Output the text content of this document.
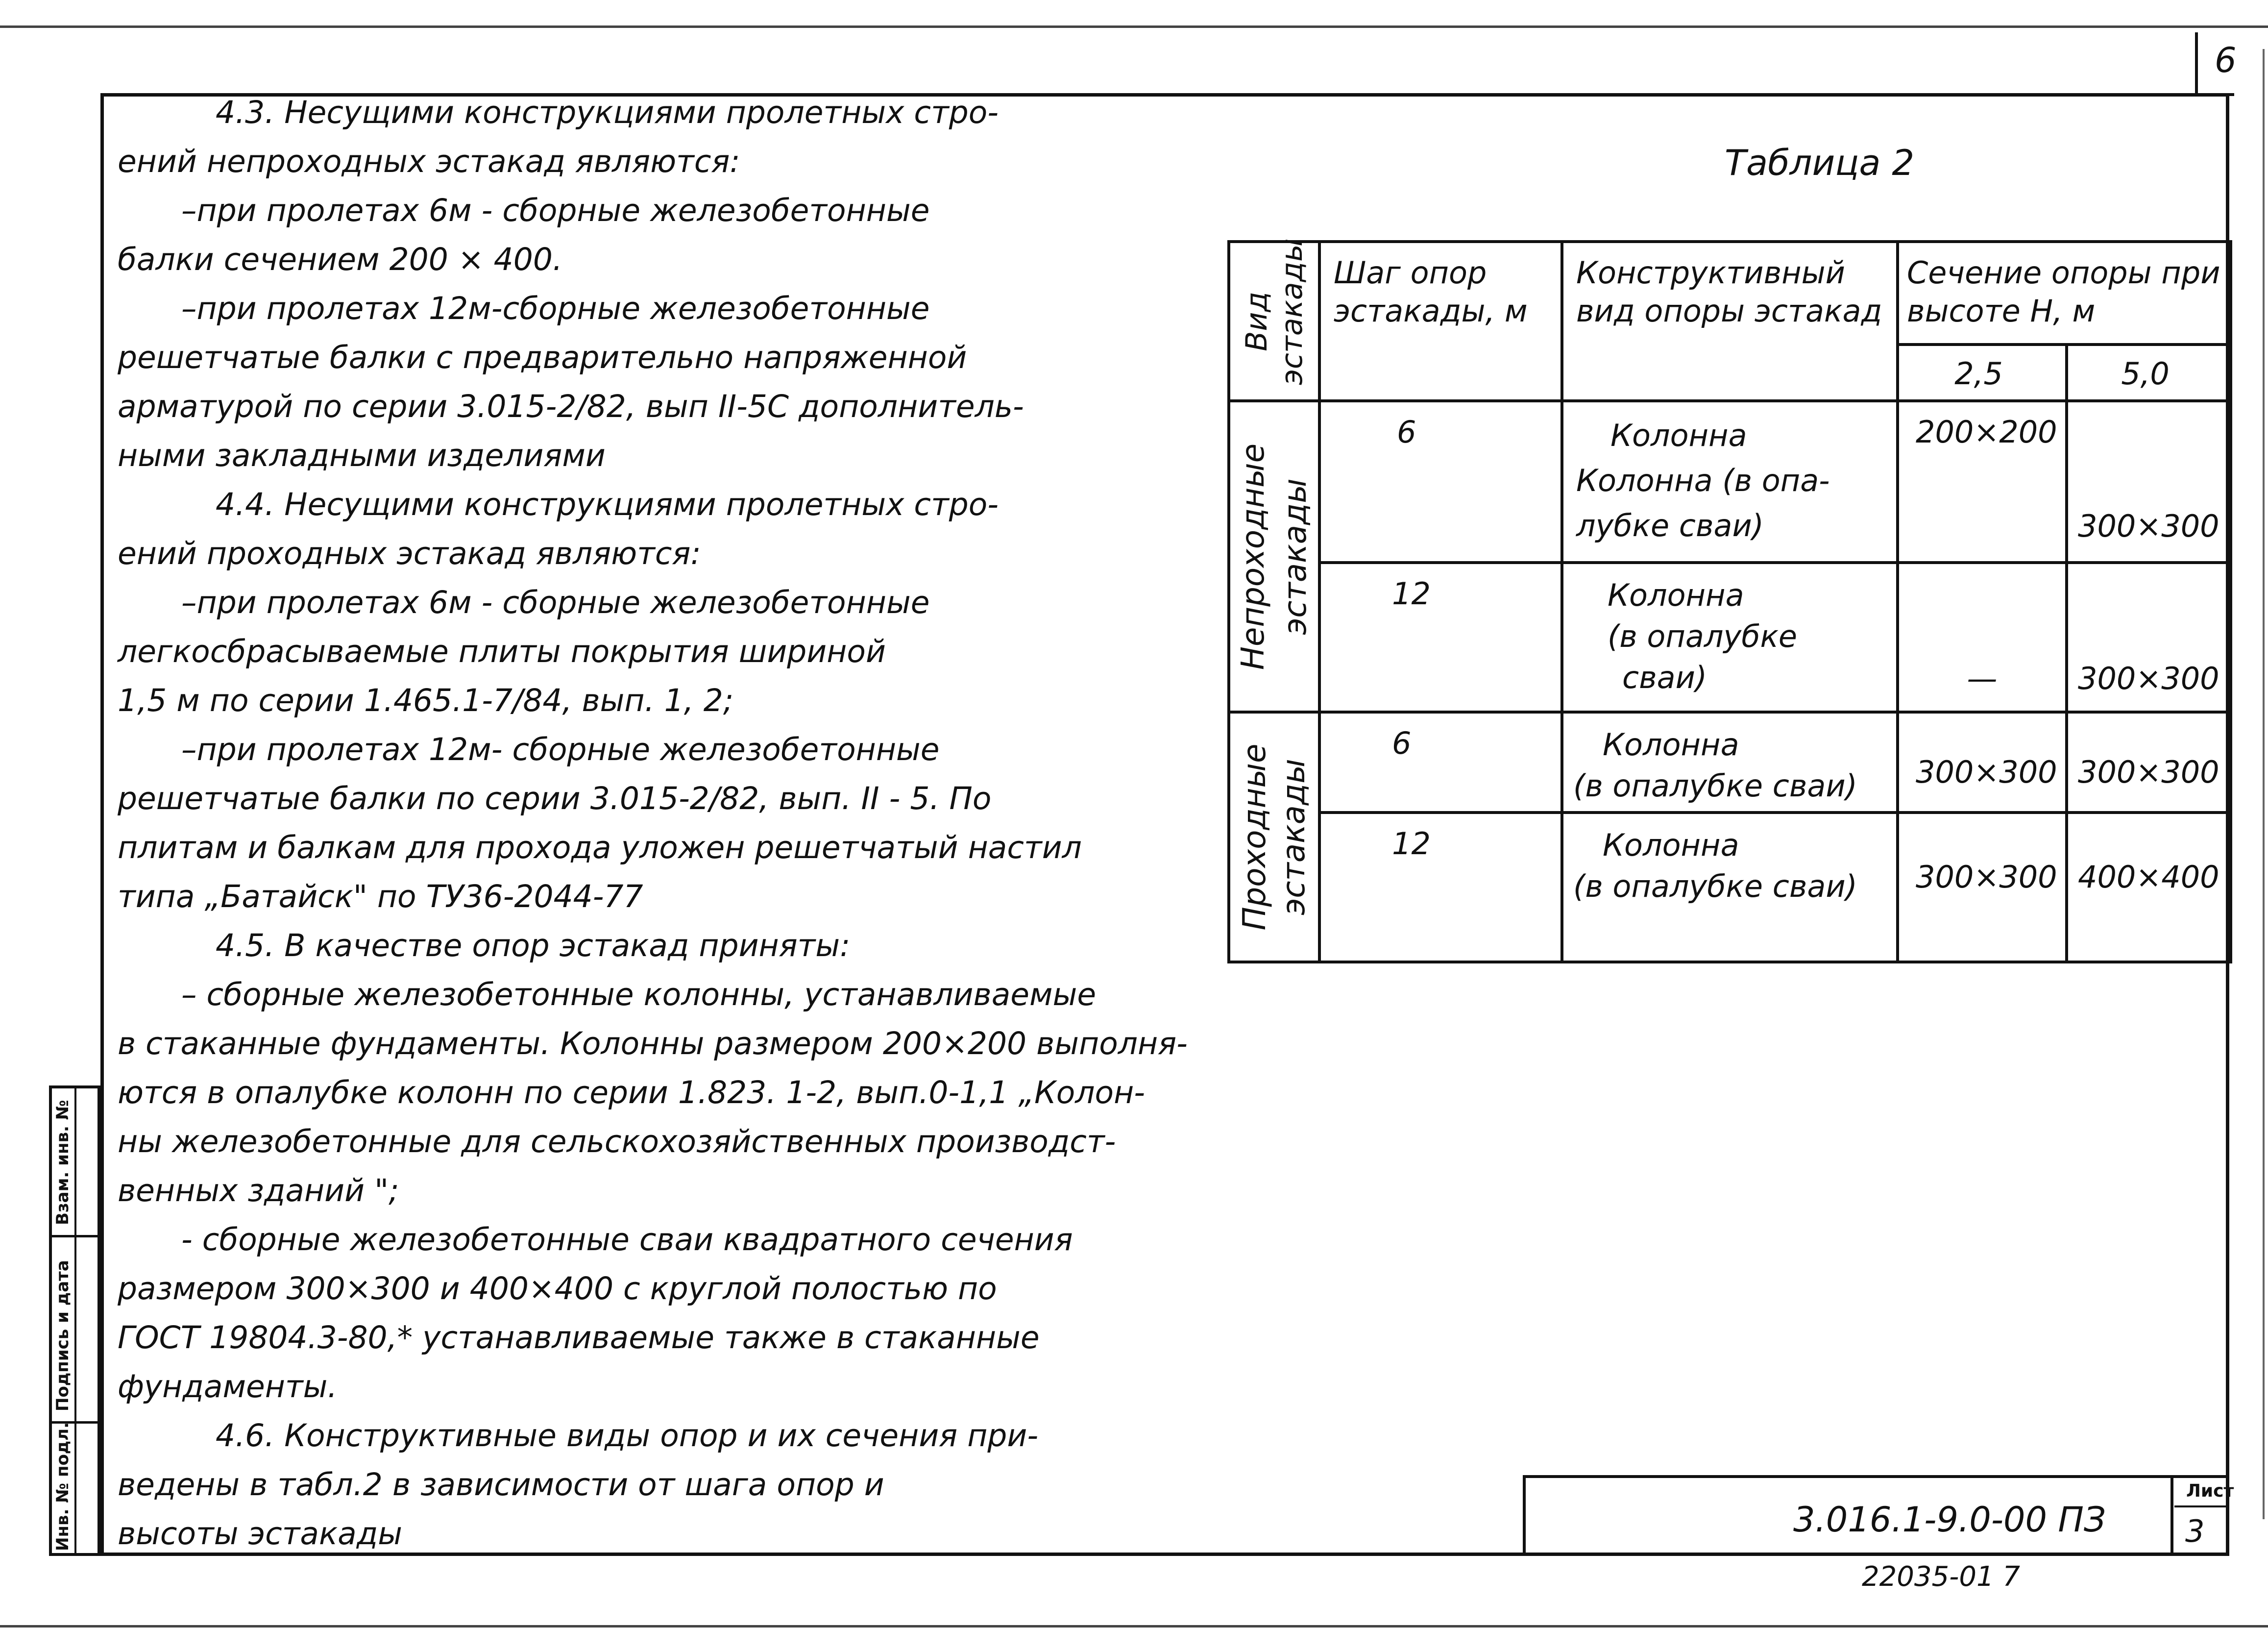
6

4.3. Несущими конструкциями пролетных стро-

ений непроходных эстакад являются:

–при пролетах 6м - сборные железобетонные

балки сечением 200 × 400.

–при пролетах 12м-сборные железобетонные

решетчатые балки с предварительно напряженной

арматурой по серии 3.015-2/82, вып II-5С дополнитель-

ными закладными изделиями

4.4. Несущими конструкциями пролетных стро-

ений проходных эстакад являются:

–при пролетах 6м - сборные железобетонные

легкосбрасываемые плиты покрытия шириной

1,5 м по серии 1.465.1-7/84, вып. 1, 2;

–при пролетах 12м- сборные железобетонные

решетчатые балки по серии 3.015-2/82, вып. II - 5. По

плитам и балкам для прохода уложен решетчатый настил

типа „Батайск" по ТУ36-2044-77

4.5. В качестве опор эстакад приняты:

– сборные железобетонные колонны, устанавливаемые

в стаканные фундаменты. Колонны размером 200×200 выполня-

ются в опалубке колонн по серии 1.823. 1-2, вып.0-1,1 „Колон-

ны железобетонные для сельскохозяйственных производст-

венных зданий ";

- сборные железобетонные сваи квадратного сечения

размером 300×300 и 400×400 с круглой полостью по

ГОСТ 19804.3-80,* устанавливаемые также в стаканные

фундаменты.

4.6. Конструктивные виды опор и их сечения при-

ведены в табл.2 в зависимости от шага опор и

высоты эстакады

Таблица 2
Вид эстакады	Шаг опор эстакады, м	Конструктивный вид опоры эстакад	Сечение опоры при высоте Н, м	

			2,5	5,0

Непроходные эстакады	6	Колонна
Колонна (в опа-
лубке сваи)	200×200	300×300

	12	Колонна
(в опалубке
сваи)	—	300×300

Проходные эстакады	6	Колонна
(в опалубке сваи)	300×300	300×300

	12	Колонна
(в опалубке сваи)	300×300	400×400
3.016.1-9.0-00 ПЗ
Лист
3
22035-01 7
Инв. № подл.
Подпись и дата
Взам. инв. №
